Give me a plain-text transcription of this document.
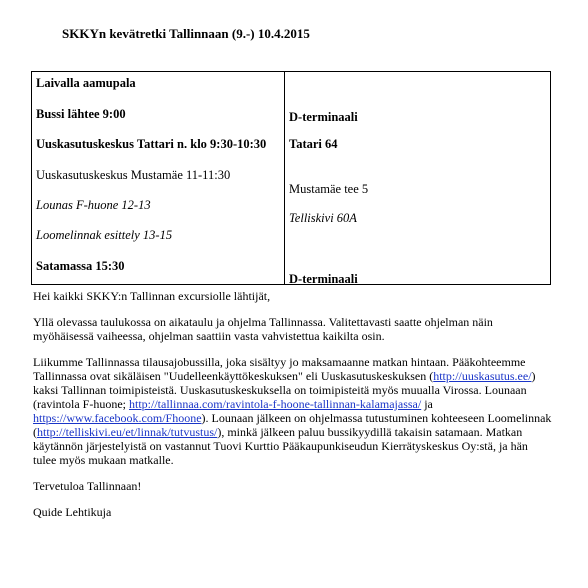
SKKYn kevätretki Tallinnaan (9.-) 10.4.2015
Laivalla aamupala
Bussi lähtee 9:00	D-terminaali
Uuskasutuskeskus Tattari n. klo 9:30-10:30 Tatari 64
Uuskasutuskeskus Mustamäe 11-11:30
Mustamäe tee 5
Lounas F-huone 12-13
Telliskivi 60A
Loomelinnak esittely 13-15
Satamassa 15:30
D-terminaali

Hei kaikki SKKY:n Tallinnan excursiolle lähtijät,

Yllä olevassa taulukossa on aikataulu ja ohjelma Tallinnassa. Valitettavasti saatte ohjelman näin myöhäisessä vaiheessa, ohjelman saattiin vasta vahvistettua kaikilta osin.

Liikumme Tallinnassa tilausajobussilla, joka sisältyy jo maksamaanne matkan hintaan. Pääkohteemme Tallinnassa ovat sikäläisen "Uudelleenkäyttökeskuksen" eli Uuskasutuskeskuksen (http://uuskasutus.ee/) kaksi Tallinnan toimipisteistä. Uuskasutuskeskuksella on toimipisteitä myös muualla Virossa. Lounaan (ravintola F-huone; http://tallinnaa.com/ravintola-f-hoone-tallinnan-kalamajassa/ ja https://www.facebook.com/Fhoone). Lounaan jälkeen on ohjelmassa tutustuminen kohteeseen Loomelinnak (http://telliskivi.eu/et/linnak/tutvustus/), minkä jälkeen paluu bussikyydillä takaisin satamaan. Matkan käytännön järjestelyistä on vastannut Tuovi Kurttio Pääkaupunkiseudun Kierrätyskeskus Oy:stä, ja hän tulee myös mukaan matkalle.

Tervetuloa Tallinnaan!

Quide Lehtikuja
